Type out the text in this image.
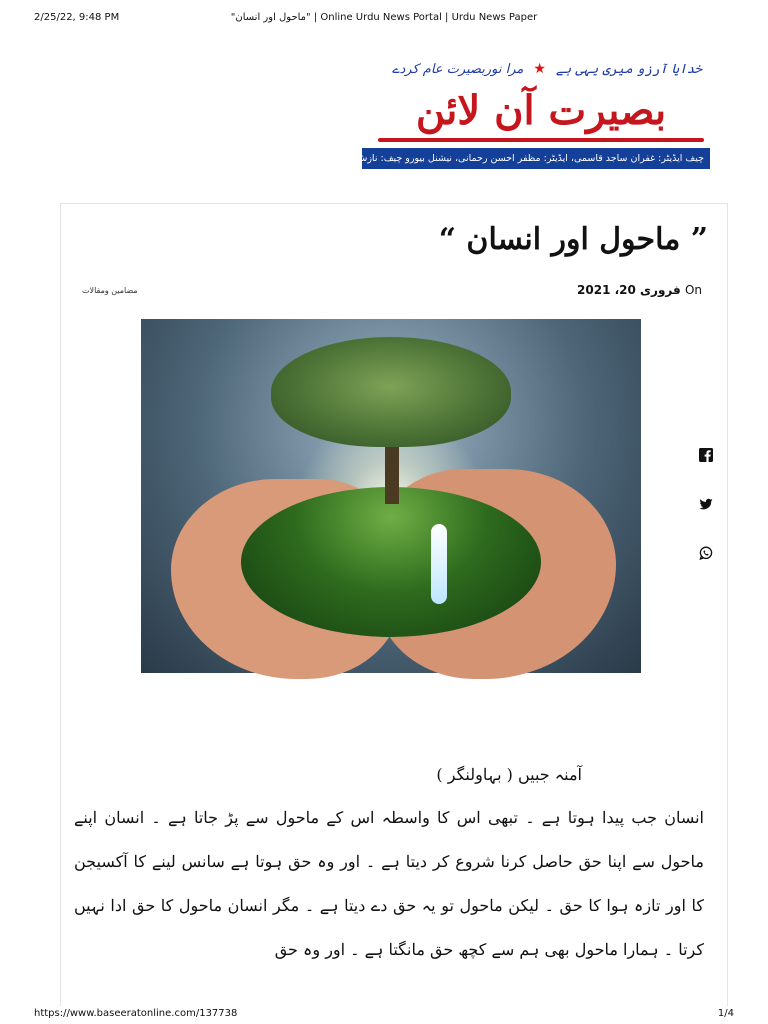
2/25/22, 9:48 PM	"ماحول اور انسان" | Online Urdu News Portal | Urdu News Paper
خدایا آرزو میری یہی ہے
★
مرا نوربصیرت عام کردے
بصیرت آن لائن
چیف ایڈیٹر: غفران ساجد قاسمی، ایڈیٹر: مظفر احسن رحمانی، نیشنل بیورو چیف: نازش ہما قاسمی
” ماحول اور انسان “
فروری 20، 2021 On
مضامین ومقالات
آمنہ جبیں ( بہاولنگر )

انسان جب پیدا ہوتا ہے ۔ تبھی اس کا واسطہ اس کے ماحول سے پڑ جاتا ہے ۔ انسان اپنے ماحول سے اپنا حق حاصل کرنا شروع کر دیتا ہے ۔ اور وہ حق ہوتا ہے سانس لینے کا آکسیجن کا اور تازہ ہوا کا حق ۔ لیکن ماحول تو یہ حق دے دیتا ہے ۔ مگر انسان ماحول کا حق ادا نہیں کرتا ۔ ہمارا ماحول بھی ہم سے کچھ حق مانگتا ہے ۔ اور وہ حق

https://www.baseeratonline.com/137738	1/4
